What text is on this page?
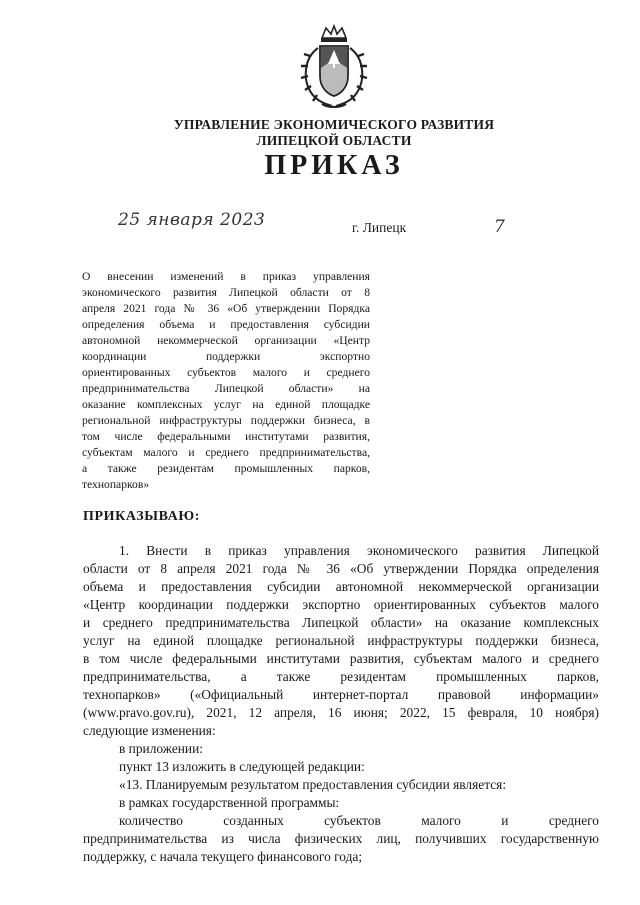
УПРАВЛЕНИЕ ЭКОНОМИЧЕСКОГО РАЗВИТИЯ
ЛИПЕЦКОЙ ОБЛАСТИ
ПРИКАЗ
25 января 2023	г. Липецк	7
О внесении изменений в приказ управления
экономического развития Липецкой области от 8
апреля 2021 года № 36 «Об утверждении Порядка
определения объема и предоставления субсидии
автономной некоммерческой организации «Центр
координации поддержки экспортно
ориентированных субъектов малого и среднего
предпринимательства Липецкой области» на
оказание комплексных услуг на единой площадке
региональной инфраструктуры поддержки бизнеса, в
том числе федеральными институтами развития,
субъектам малого и среднего предпринимательства,
а также резидентам промышленных парков,
технопарков»
ПРИКАЗЫВАЮ:
1. Внести в приказ управления экономического развития Липецкой
области от 8 апреля 2021 года № 36 «Об утверждении Порядка определения
объема и предоставления субсидии автономной некоммерческой организации
«Центр координации поддержки экспортно ориентированных субъектов малого
и среднего предпринимательства Липецкой области» на оказание комплексных
услуг на единой площадке региональной инфраструктуры поддержки бизнеса,
в том числе федеральными институтами развития, субъектам малого и среднего
предпринимательства, а также резидентам промышленных парков,
технопарков» («Официальный интернет-портал правовой информации»
(www.pravo.gov.ru), 2021, 12 апреля, 16 июня; 2022, 15 февраля, 10 ноября)
следующие изменения:
в приложении:
пункт 13 изложить в следующей редакции:
«13. Планируемым результатом предоставления субсидии является:
в рамках государственной программы:
количество созданных субъектов малого и среднего
предпринимательства из числа физических лиц, получивших государственную
поддержку, с начала текущего финансового года;
